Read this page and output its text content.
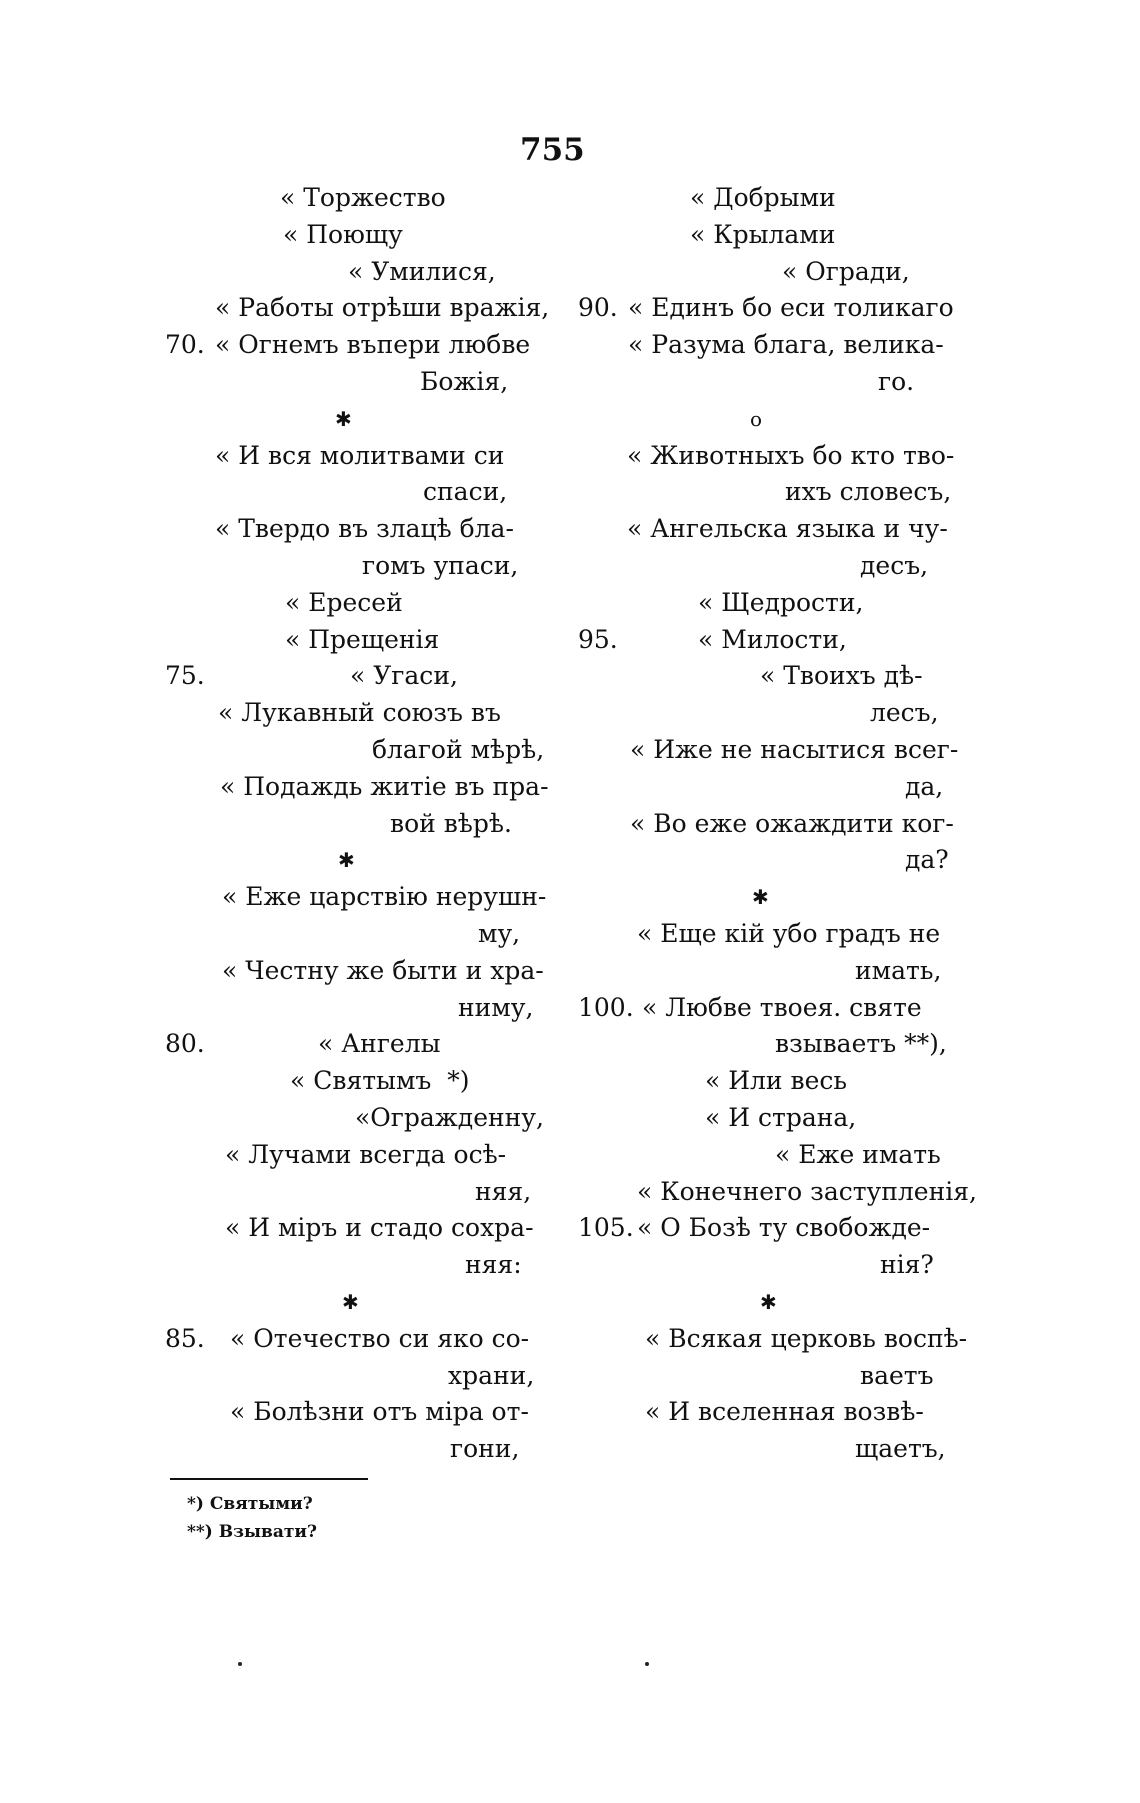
755
« Торжество
« Поющу
« Умилися,
« Работы отрѣши вражія,
70. « Огнемъ въпери любве
Божія,
✱
« И вся молитвами си
спаси,
« Твердо въ злацѣ бла-
гомъ упаси,
« Ересей
« Прещенія
75.	« Угаси,
« Лукавный союзъ въ
благой мѣрѣ,
« Подаждь житіе въ пра-
вой вѣрѣ.
✱
« Еже царствію нерушн-
му,
« Честну же быти и хра-
ниму,
80.	« Ангелы
« Святымъ  *)
«Огражденну,
« Лучами всегда осѣ-
няя,
« И міръ и стадо сохра-
няя:
✱
85. « Отечество си яко со-
храни,
« Болѣзни отъ міра от-
гони,
« Добрыми
« Крылами
« Огради,
90. « Единъ бо еси толикаго
« Разума блага, велика-
го.
о
« Животныхъ бо кто тво-
ихъ словесъ,
« Ангельска языка и чу-
десъ,
« Щедрости,
95.	« Милости,
« Твоихъ дѣ-
лесъ,
« Иже не насытися всег-
да,
« Во еже ожаждити ког-
да?
✱
« Еще кій убо градъ не
имать,
100. « Любве твоея. святе
взываетъ **),
« Или весь
« И страна,
« Еже имать
« Конечнего заступленія,
105. « О Бозѣ ту свобожде-
нія?
✱
« Всякая церковь воспѣ-
ваетъ
« И вселенная возвѣ-
щаетъ,
*) Святыми?
**) Взывати?
